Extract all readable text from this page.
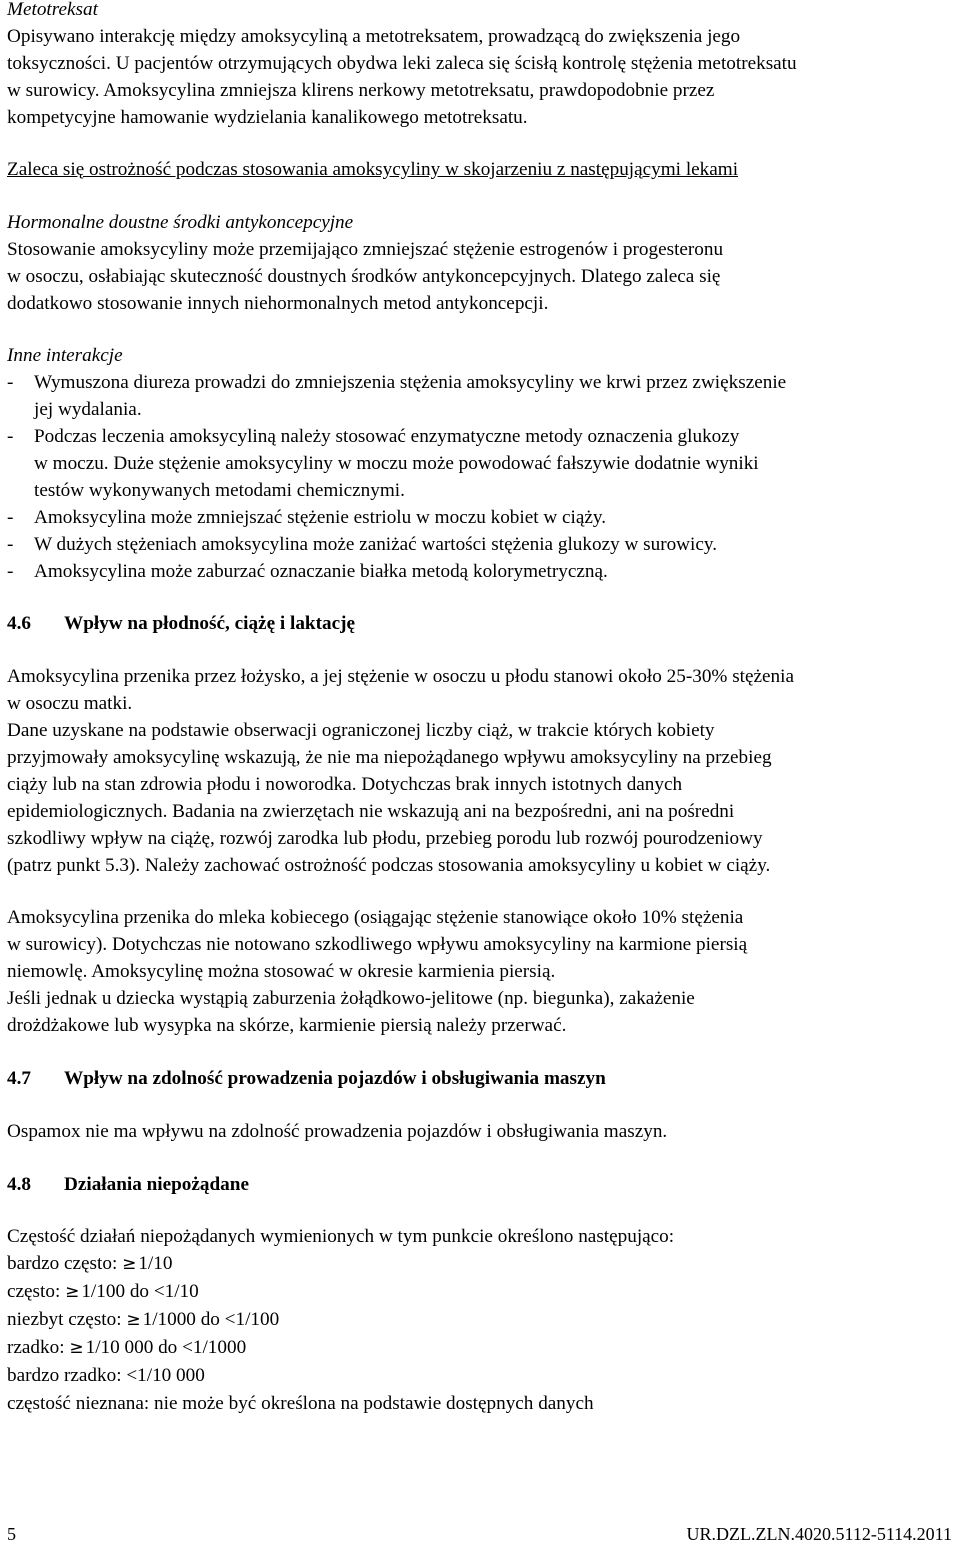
Metotreksat
Opisywano interakcję między amoksycyliną a metotreksatem, prowadzącą do zwiększenia jego
toksyczności. U pacjentów otrzymujących obydwa leki zaleca się ścisłą kontrolę stężenia metotreksatu
w surowicy. Amoksycylina zmniejsza klirens nerkowy metotreksatu, prawdopodobnie przez
kompetycyjne hamowanie wydzielania kanalikowego metotreksatu.
Zaleca się ostrożność podczas stosowania amoksycyliny w skojarzeniu z następującymi lekami
Hormonalne doustne środki antykoncepcyjne
Stosowanie amoksycyliny może przemijająco zmniejszać stężenie estrogenów i progesteronu
w osoczu, osłabiając skuteczność doustnych środków antykoncepcyjnych. Dlatego zaleca się
dodatkowo stosowanie innych niehormonalnych metod antykoncepcji.
Inne interakcje
- Wymuszona diureza prowadzi do zmniejszenia stężenia amoksycyliny we krwi przez zwiększenie
jej wydalania.
- Podczas leczenia amoksycyliną należy stosować enzymatyczne metody oznaczenia glukozy
w moczu. Duże stężenie amoksycyliny w moczu może powodować fałszywie dodatnie wyniki
testów wykonywanych metodami chemicznymi.
- Amoksycylina może zmniejszać stężenie estriolu w moczu kobiet w ciąży.
- W dużych stężeniach amoksycylina może zaniżać wartości stężenia glukozy w surowicy.
- Amoksycylina może zaburzać oznaczanie białka metodą kolorymetryczną.
4.6 Wpływ na płodność, ciążę i laktację
Amoksycylina przenika przez łożysko, a jej stężenie w osoczu u płodu stanowi około 25-30% stężenia
w osoczu matki.
Dane uzyskane na podstawie obserwacji ograniczonej liczby ciąż, w trakcie których kobiety
przyjmowały amoksycylinę wskazują, że nie ma niepożądanego wpływu amoksycyliny na przebieg
ciąży lub na stan zdrowia płodu i noworodka. Dotychczas brak innych istotnych danych
epidemiologicznych. Badania na zwierzętach nie wskazują ani na bezpośredni, ani na pośredni
szkodliwy wpływ na ciążę, rozwój zarodka lub płodu, przebieg porodu lub rozwój pourodzeniowy
(patrz punkt 5.3). Należy zachować ostrożność podczas stosowania amoksycyliny u kobiet w ciąży.
Amoksycylina przenika do mleka kobiecego (osiągając stężenie stanowiące około 10% stężenia
w surowicy). Dotychczas nie notowano szkodliwego wpływu amoksycyliny na karmione piersią
niemowlę. Amoksycylinę można stosować w okresie karmienia piersią.
Jeśli jednak u dziecka wystąpią zaburzenia żołądkowo-jelitowe (np. biegunka), zakażenie
drożdżakowe lub wysypka na skórze, karmienie piersią należy przerwać.
4.7 Wpływ na zdolność prowadzenia pojazdów i obsługiwania maszyn
Ospamox nie ma wpływu na zdolność prowadzenia pojazdów i obsługiwania maszyn.
4.8 Działania niepożądane
Częstość działań niepożądanych wymienionych w tym punkcie określono następująco:
bardzo często: ≥ 1/10
często: ≥ 1/100 do <1/10
niezbyt często: ≥ 1/1000 do <1/100
rzadko: ≥ 1/10 000 do <1/1000
bardzo rzadko: <1/10 000
częstość nieznana: nie może być określona na podstawie dostępnych danych
5	UR.DZL.ZLN.4020.5112-5114.2011
